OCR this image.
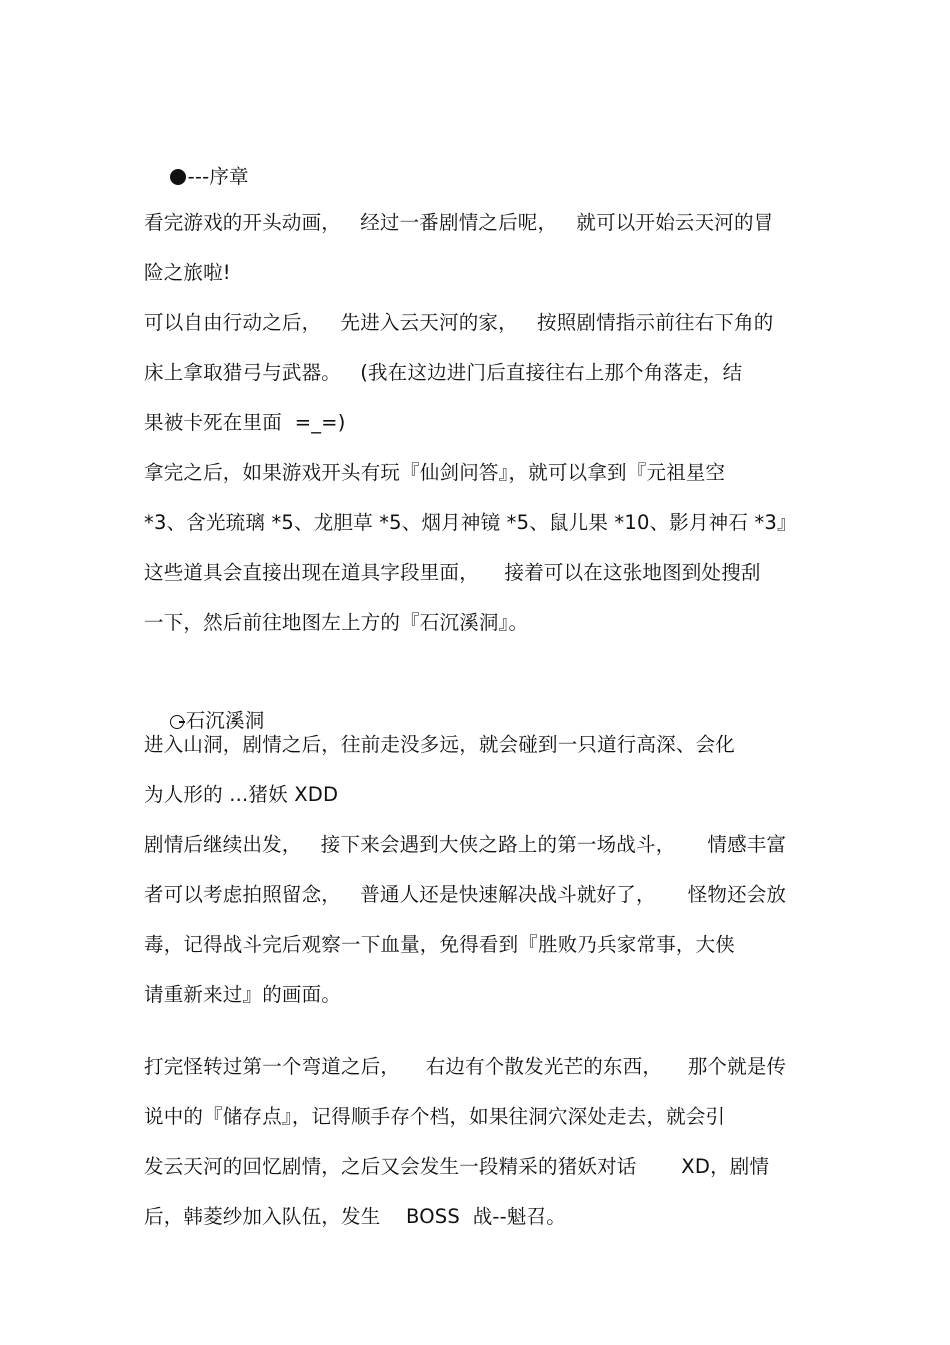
---序章

看完游戏的开头动画，   经过一番剧情之后呢，   就可以开始云天河的冒
险之旅啦!
可以自由行动之后，   先进入云天河的家，   按照剧情指示前往右下角的
床上拿取猎弓与武器。   (我在这边进门后直接往右上那个角落走，结
果被卡死在里面  =_=)
拿完之后，如果游戏开头有玩『仙剑问答』，就可以拿到『元祖星空
*3、含光琉璃 *5、龙胆草 *5、烟月神镜 *5、鼠儿果 *10、影月神石 *3』
这些道具会直接出现在道具字段里面，    接着可以在这张地图到处搜刮
一下，然后前往地图左上方的『石沉溪洞』。

石沉溪洞

进入山洞，剧情之后，往前走没多远，就会碰到一只道行高深、会化
为人形的 ...猪妖 XDD
剧情后继续出发，   接下来会遇到大侠之路上的第一场战斗，     情感丰富
者可以考虑拍照留念，   普通人还是快速解决战斗就好了，     怪物还会放
毒，记得战斗完后观察一下血量，免得看到『胜败乃兵家常事，大侠
请重新来过』的画面。
打完怪转过第一个弯道之后，    右边有个散发光芒的东西，    那个就是传
说中的『储存点』，记得顺手存个档，如果往洞穴深处走去，就会引
发云天河的回忆剧情，之后又会发生一段精采的猪妖对话       XD，剧情
后，韩菱纱加入队伍，发生    BOSS  战--魁召。
